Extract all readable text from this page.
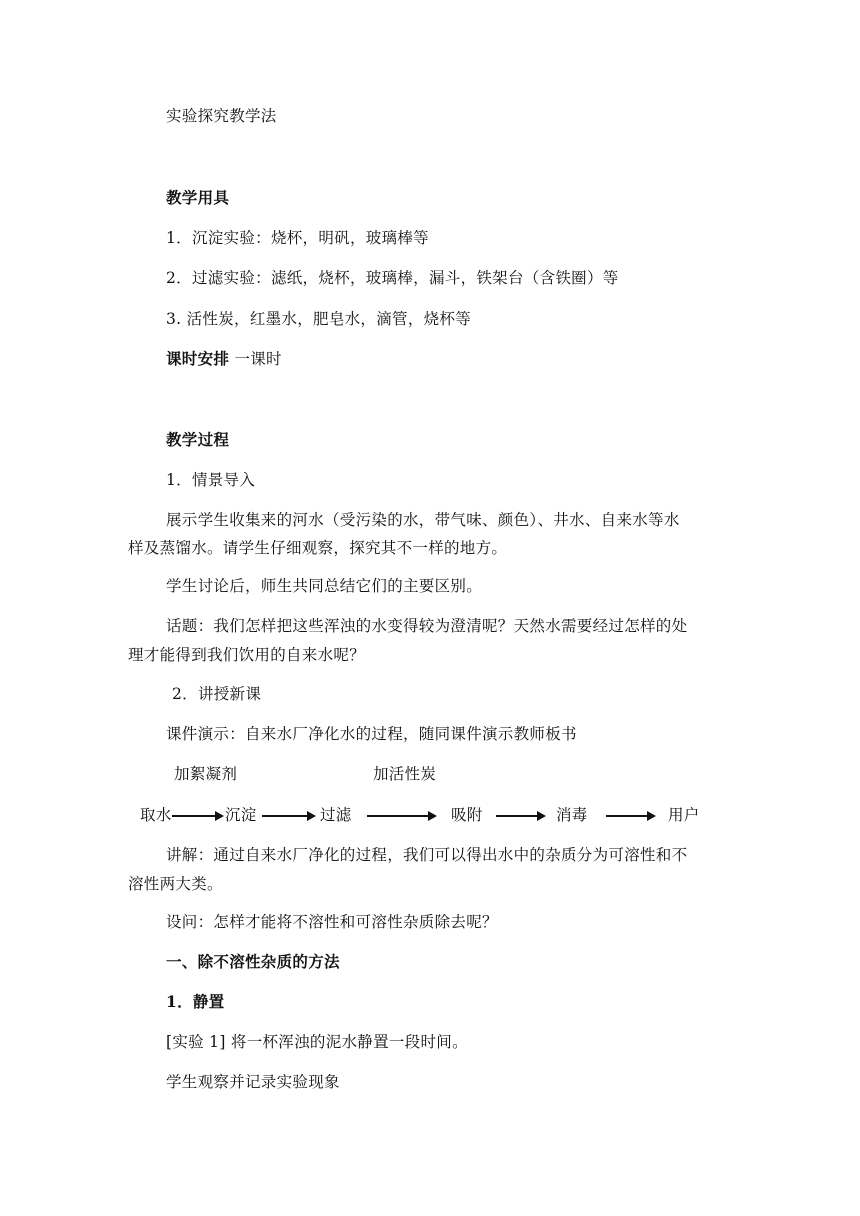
实验探究教学法
教学用具
1．沉淀实验：烧杯，明矾，玻璃棒等
2．过滤实验：滤纸，烧杯，玻璃棒，漏斗，铁架台（含铁圈）等
3. 活性炭，红墨水，肥皂水，滴管，烧杯等
课时安排 一课时
教学过程
1．情景导入
展示学生收集来的河水（受污染的水，带气味、颜色）、井水、自来水等水
样及蒸馏水。请学生仔细观察，探究其不一样的地方。
学生讨论后，师生共同总结它们的主要区别。
话题：我们怎样把这些浑浊的水变得较为澄清呢？天然水需要经过怎样的处
理才能得到我们饮用的自来水呢？
2．讲授新课
课件演示：自来水厂净化水的过程，随同课件演示教师板书
加絮凝剂	加活性炭
取水	沉淀	过滤	吸附	消毒	用户
讲解：通过自来水厂净化的过程，我们可以得出水中的杂质分为可溶性和不
溶性两大类。
设问：怎样才能将不溶性和可溶性杂质除去呢？
一、除不溶性杂质的方法
1．静置
[实验 1] 将一杯浑浊的泥水静置一段时间。
学生观察并记录实验现象
